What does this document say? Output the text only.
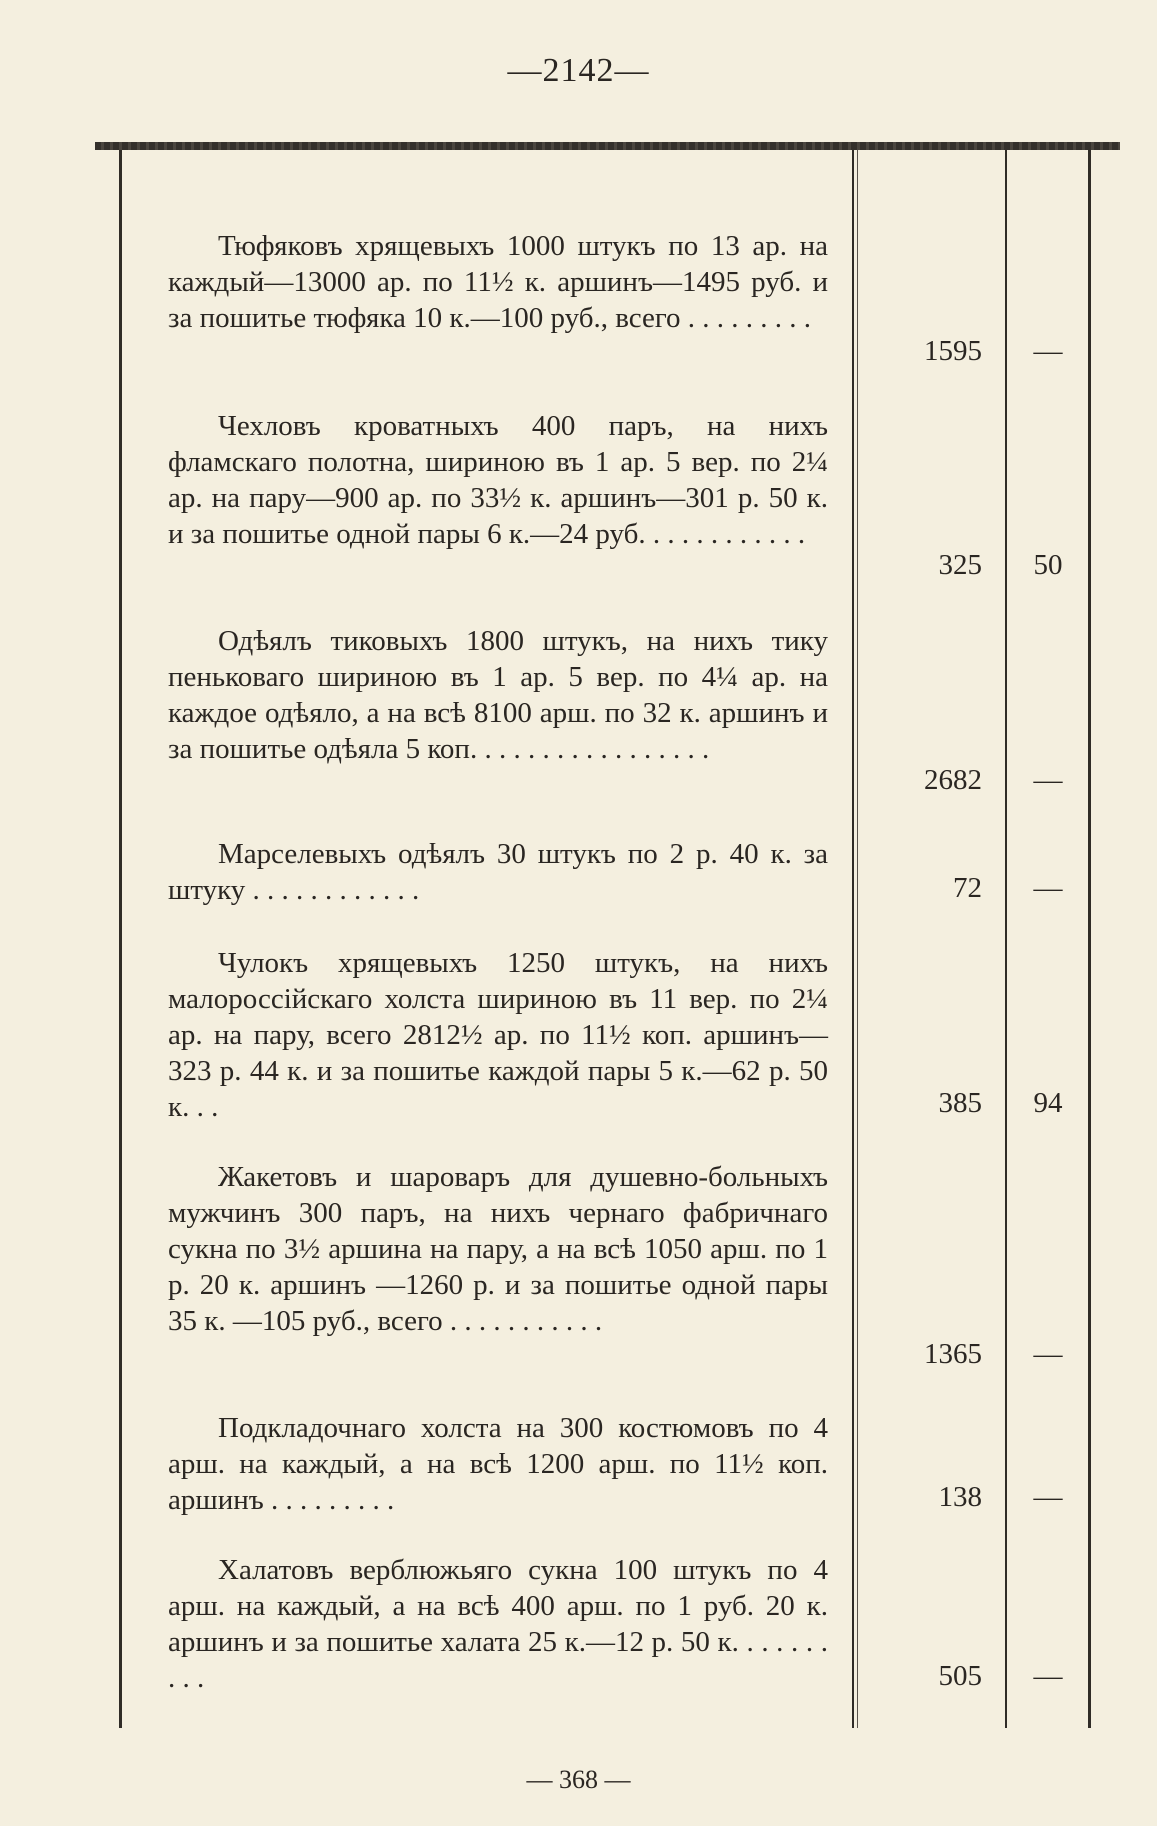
—2142—
Тюфяковъ хрящевыхъ 1000 штукъ по 13 ар. на каждый—13000 ар. по 11½ к. аршинъ—1495 руб. и за пошитье тюфяка 10 к.—100 руб., всего . . . . . . . . .
1595	—
Чехловъ кроватныхъ 400 паръ, на нихъ фламскаго полотна, шириною въ 1 ар. 5 вер. по 2¼ ар. на пару—900 ар. по 33½ к. аршинъ—301 р. 50 к. и за пошитье одной пары 6 к.—24 руб. . . . . . . . . . . .
325	50
Одѣялъ тиковыхъ 1800 штукъ, на нихъ тику пеньковаго шириною въ 1 ар. 5 вер. по 4¼ ар. на каждое одѣяло, а на всѣ 8100 арш. по 32 к. аршинъ и за пошитье одѣяла 5 коп. . . . . . . . . . . . . . . . .
2682	—
Марселевыхъ одѣялъ 30 штукъ по 2 р. 40 к. за штуку . . . . . . . . . . . .	72	—
Чулокъ хрящевыхъ 1250 штукъ, на нихъ малороссійскаго холста шириною въ 11 вер. по 2¼ ар. на пару, всего 2812½ ар. по 11½ коп. аршинъ—323 р. 44 к. и за пошитье каждой пары 5 к.—62 р. 50 к. . .	385	94
Жакетовъ и шароваръ для душевно-больныхъ мужчинъ 300 паръ, на нихъ чернаго фабричнаго сукна по 3½ аршина на пару, а на всѣ 1050 арш. по 1 р. 20 к. аршинъ —1260 р. и за пошитье одной пары 35 к. —105 руб., всего . . . . . . . . . . .
1365	—
Подкладочнаго холста на 300 костюмовъ по 4 арш. на каждый, а на всѣ 1200 арш. по 11½ коп. аршинъ . . . . . . . . .	138	—
Халатовъ верблюжьяго сукна 100 штукъ по 4 арш. на каждый, а на всѣ 400 арш. по 1 руб. 20 к. аршинъ и за пошитье халата 25 к.—12 р. 50 к. . . . . . . . . .	505	—
— 368 —
